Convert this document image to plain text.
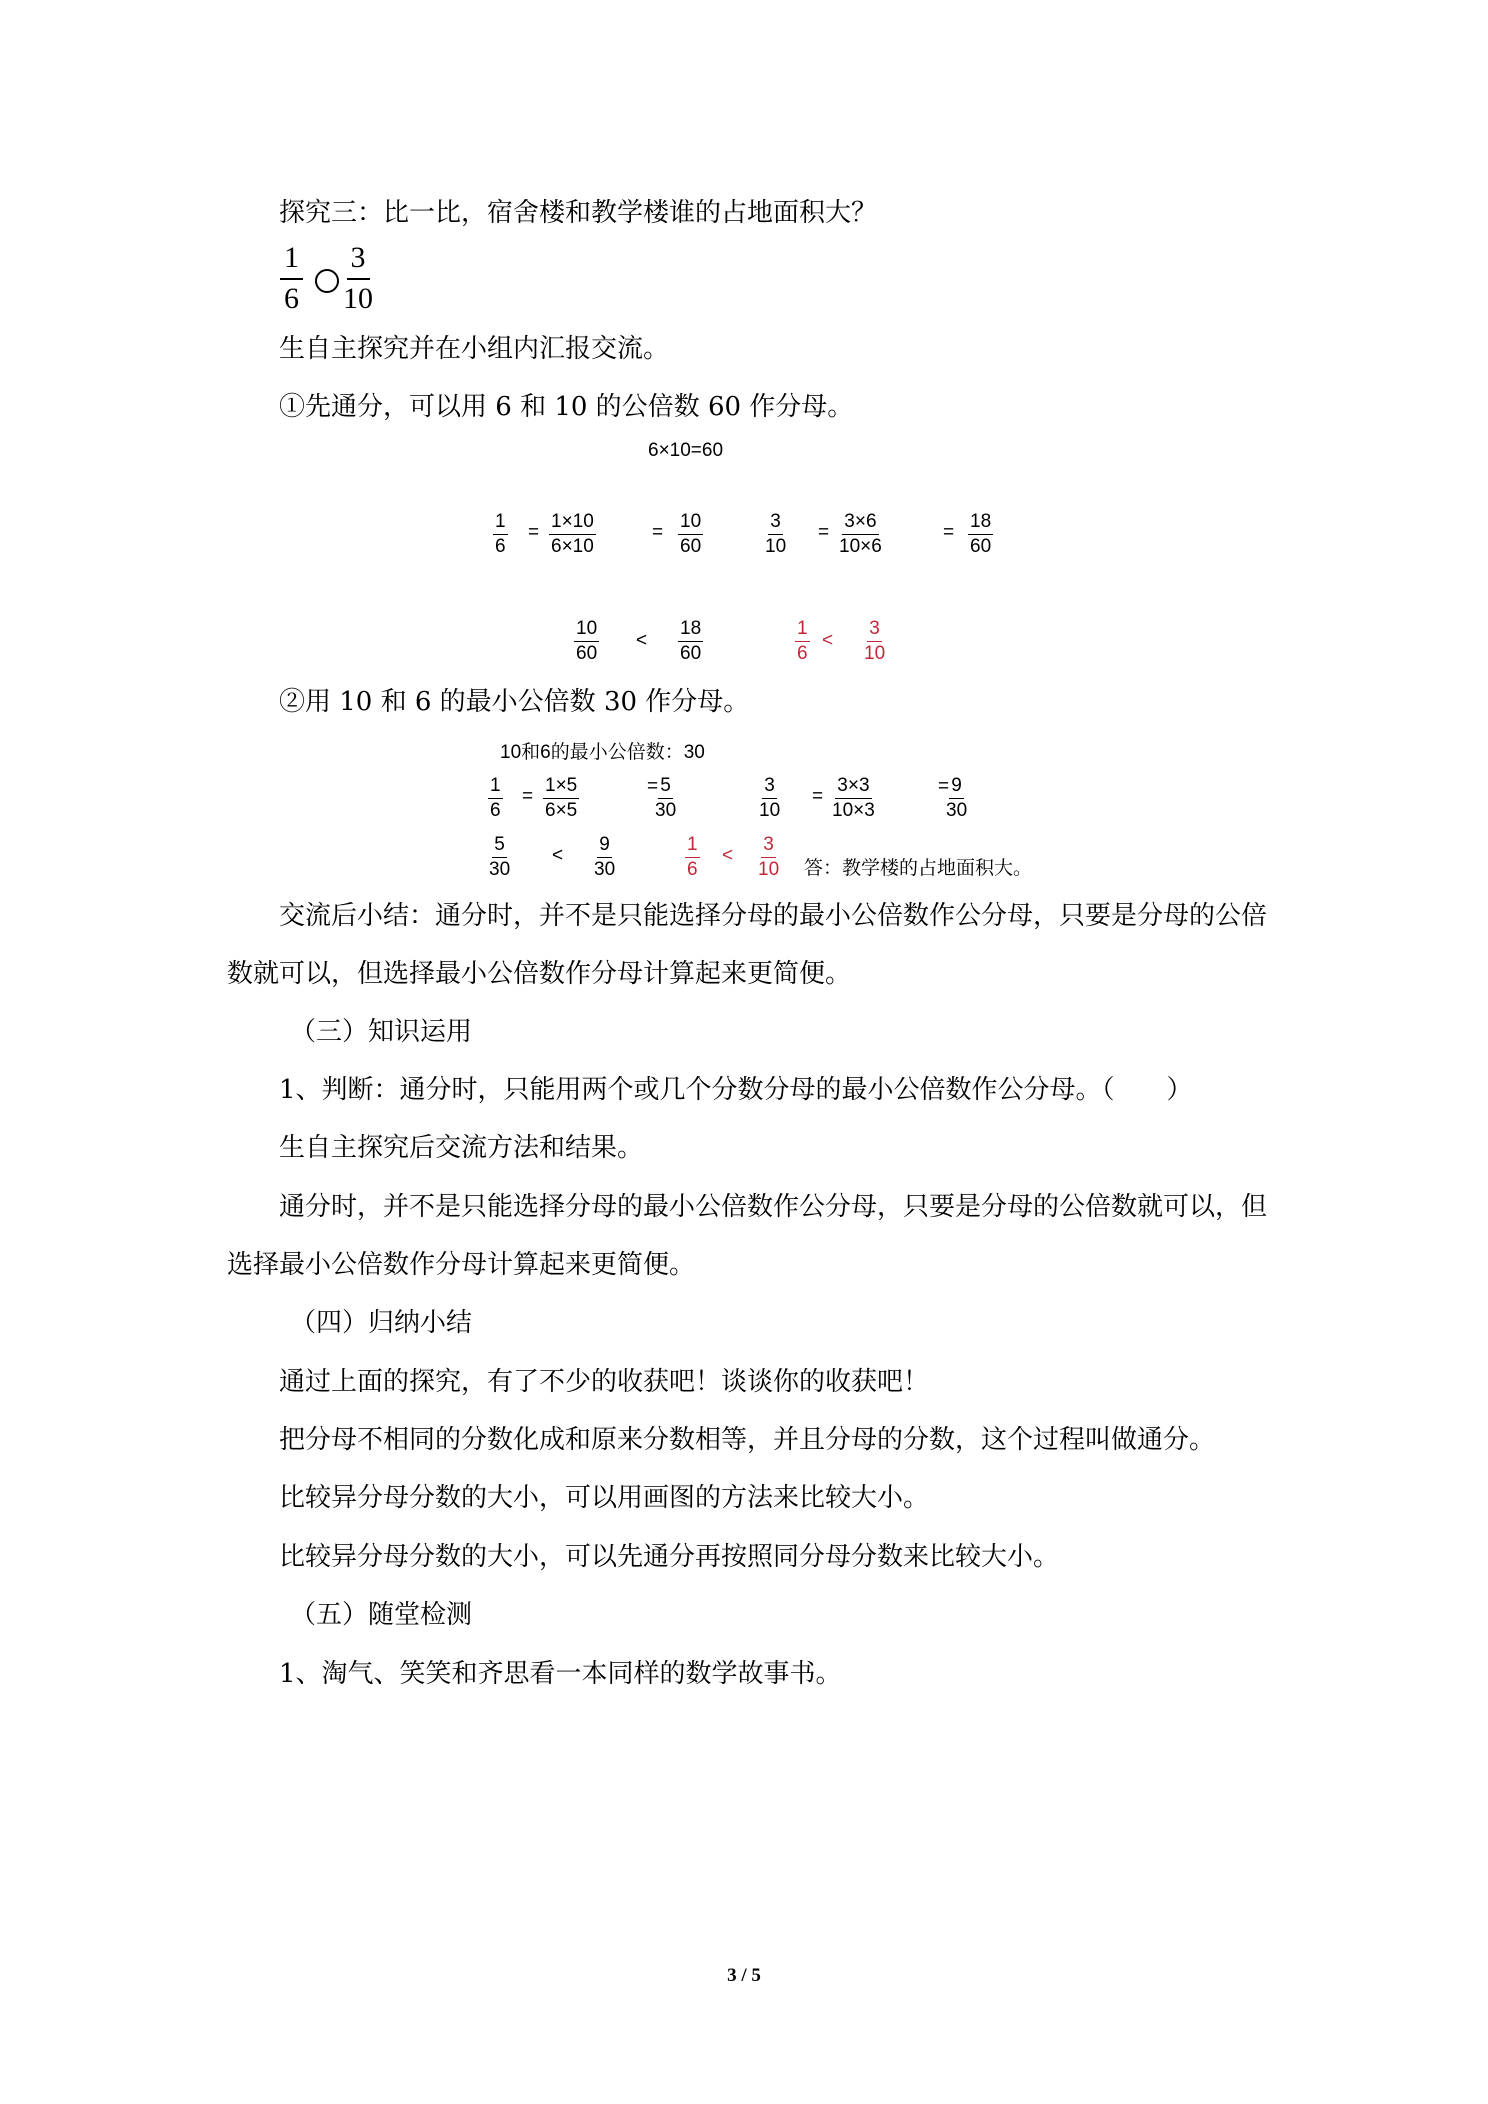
探究三：比一比，宿舍楼和教学楼谁的占地面积大？
$\frac{1}{6} \frac{3}{10}$
生自主探究并在小组内汇报交流。
①先通分，可以用 6 和 10 的公倍数 60 作分母。
6×10=60
$\frac{1}{6} = \frac{1\times 10}{6\times 10}$	= $\frac{10}{60}$	$\frac{3}{10} = \frac{3\times 6}{10\times 6}$	= $\frac{18}{60}$
$\frac{10}{60} < \frac{18}{60}$	$\frac{1}{6} < \frac{3}{10}$
②用 10 和 6 的最小公倍数 30 作分母。
10和6的最小公倍数：30
$\frac{1}{6} = \frac{1\times 5}{6\times 5}$	=
$\frac{5}{30}$	$\frac{3}{10} = \frac{3\times 3}{10\times 3}$	=
$\frac{9}{30}$
$\frac{5}{30} < \frac{9}{30}$	$\frac{1}{6} < \frac{3}{10}$ 答：教学楼的占地面积大。
交流后小结：通分时，并不是只能选择分母的最小公倍数作公分母，只要是分母的公倍
数就可以，但选择最小公倍数作分母计算起来更简便。
（三）知识运用
1、判断：通分时，只能用两个或几个分数分母的最小公倍数作公分母。（　　）
生自主探究后交流方法和结果。
通分时，并不是只能选择分母的最小公倍数作公分母，只要是分母的公倍数就可以，但
选择最小公倍数作分母计算起来更简便。
（四）归纳小结
通过上面的探究，有了不少的收获吧！谈谈你的收获吧！
把分母不相同的分数化成和原来分数相等，并且分母的分数，这个过程叫做通分。
比较异分母分数的大小，可以用画图的方法来比较大小。
比较异分母分数的大小，可以先通分再按照同分母分数来比较大小。
（五）随堂检测
1、淘气、笑笑和齐思看一本同样的数学故事书。
3 / 5
